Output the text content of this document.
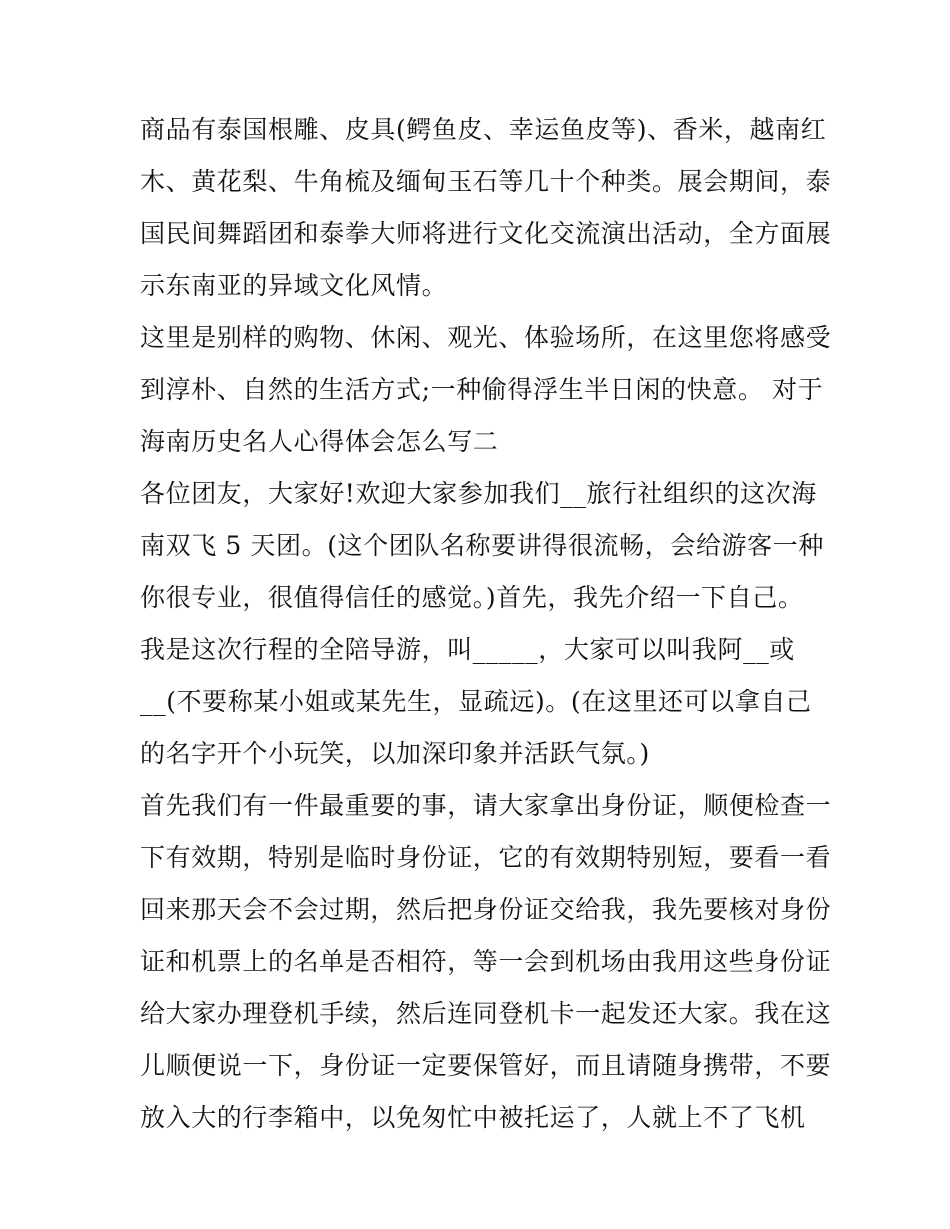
商品有泰国根雕、皮具(鳄鱼皮、幸运鱼皮等)、香米，越南红
木、黄花梨、牛角梳及缅甸玉石等几十个种类。展会期间，泰
国民间舞蹈团和泰拳大师将进行文化交流演出活动，全方面展
示东南亚的异域文化风情。
这里是别样的购物、休闲、观光、体验场所，在这里您将感受
到淳朴、自然的生活方式;一种偷得浮生半日闲的快意。 对于
海南历史名人心得体会怎么写二
各位团友，大家好!欢迎大家参加我们__旅行社组织的这次海
南双飞 5 天团。(这个团队名称要讲得很流畅，会给游客一种
你很专业，很值得信任的感觉。)首先，我先介绍一下自己。
我是这次行程的全陪导游，叫_____，大家可以叫我阿__或
__(不要称某小姐或某先生，显疏远)。(在这里还可以拿自己
的名字开个小玩笑，以加深印象并活跃气氛。)
首先我们有一件最重要的事，请大家拿出身份证，顺便检查一
下有效期，特别是临时身份证，它的有效期特别短，要看一看
回来那天会不会过期，然后把身份证交给我，我先要核对身份
证和机票上的名单是否相符，等一会到机场由我用这些身份证
给大家办理登机手续，然后连同登机卡一起发还大家。我在这
儿顺便说一下，身份证一定要保管好，而且请随身携带，不要
放入大的行李箱中，以免匆忙中被托运了，人就上不了飞机
